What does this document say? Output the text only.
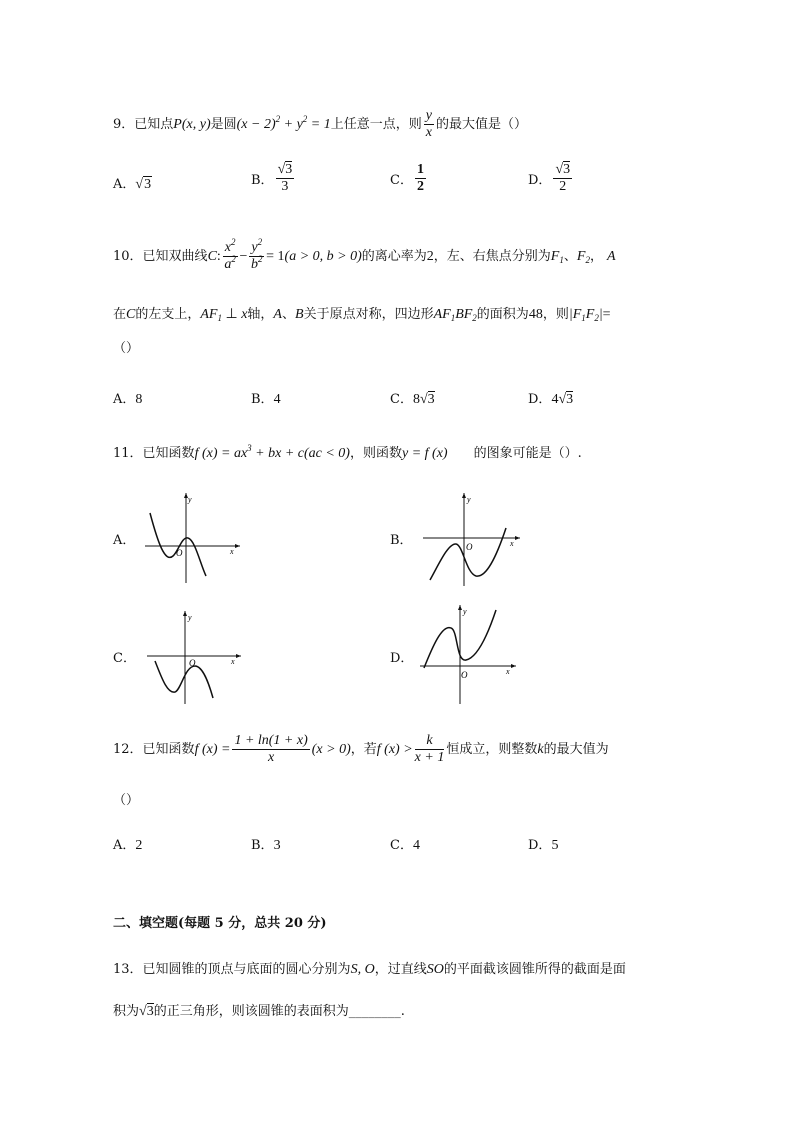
9．已知点P(x, y)是圆$(x - 2)^2 + y^2 = 1$上任意一点，则 $\frac{y}{x}$ 的最大值是（）
A．√3	B． $\frac{√3}{3}$	C． $\frac{1}{2}$	D． $\frac{√3}{2}$
10．已知双曲线C: $\frac{x^2}{a^2} - \frac{y^2}{b^2} = 1(a > 0$, b > 0)的离心率为2，左、右焦点分别为$F_1$、$F_2$， A
在C的左支上，$AF_1$ ⊥ x轴，A、B关于原点对称，四边形$AF_1BF_2$的面积为48，则$|F_1F_2|=$
（）
A．8	B．4	C．8√3	D．4√3
11．已知函数f $(x) = ax^3$ + bx + c(ac < 0)，则函数y = f (x) 的图象可能是（）.
A．
y
x
O
B．
y
x
O
C．
y
x
O	D．
y
x
O
12．已知函数f $(x) = \frac{1 + \ln(1 + x)}{x} (x > 0)$，若f $(x) > \frac{k}{x + 1}$ 恒成立，则整数k的最大值为
（）
A．2	B．3	C．4	D．5
二、填空题(每题 5 分，总共 20 分)
13．已知圆锥的顶点与底面的圆心分别为S, O，过直线SO的平面截该圆锥所得的截面是面
积为√3的正三角形，则该圆锥的表面积为________.
